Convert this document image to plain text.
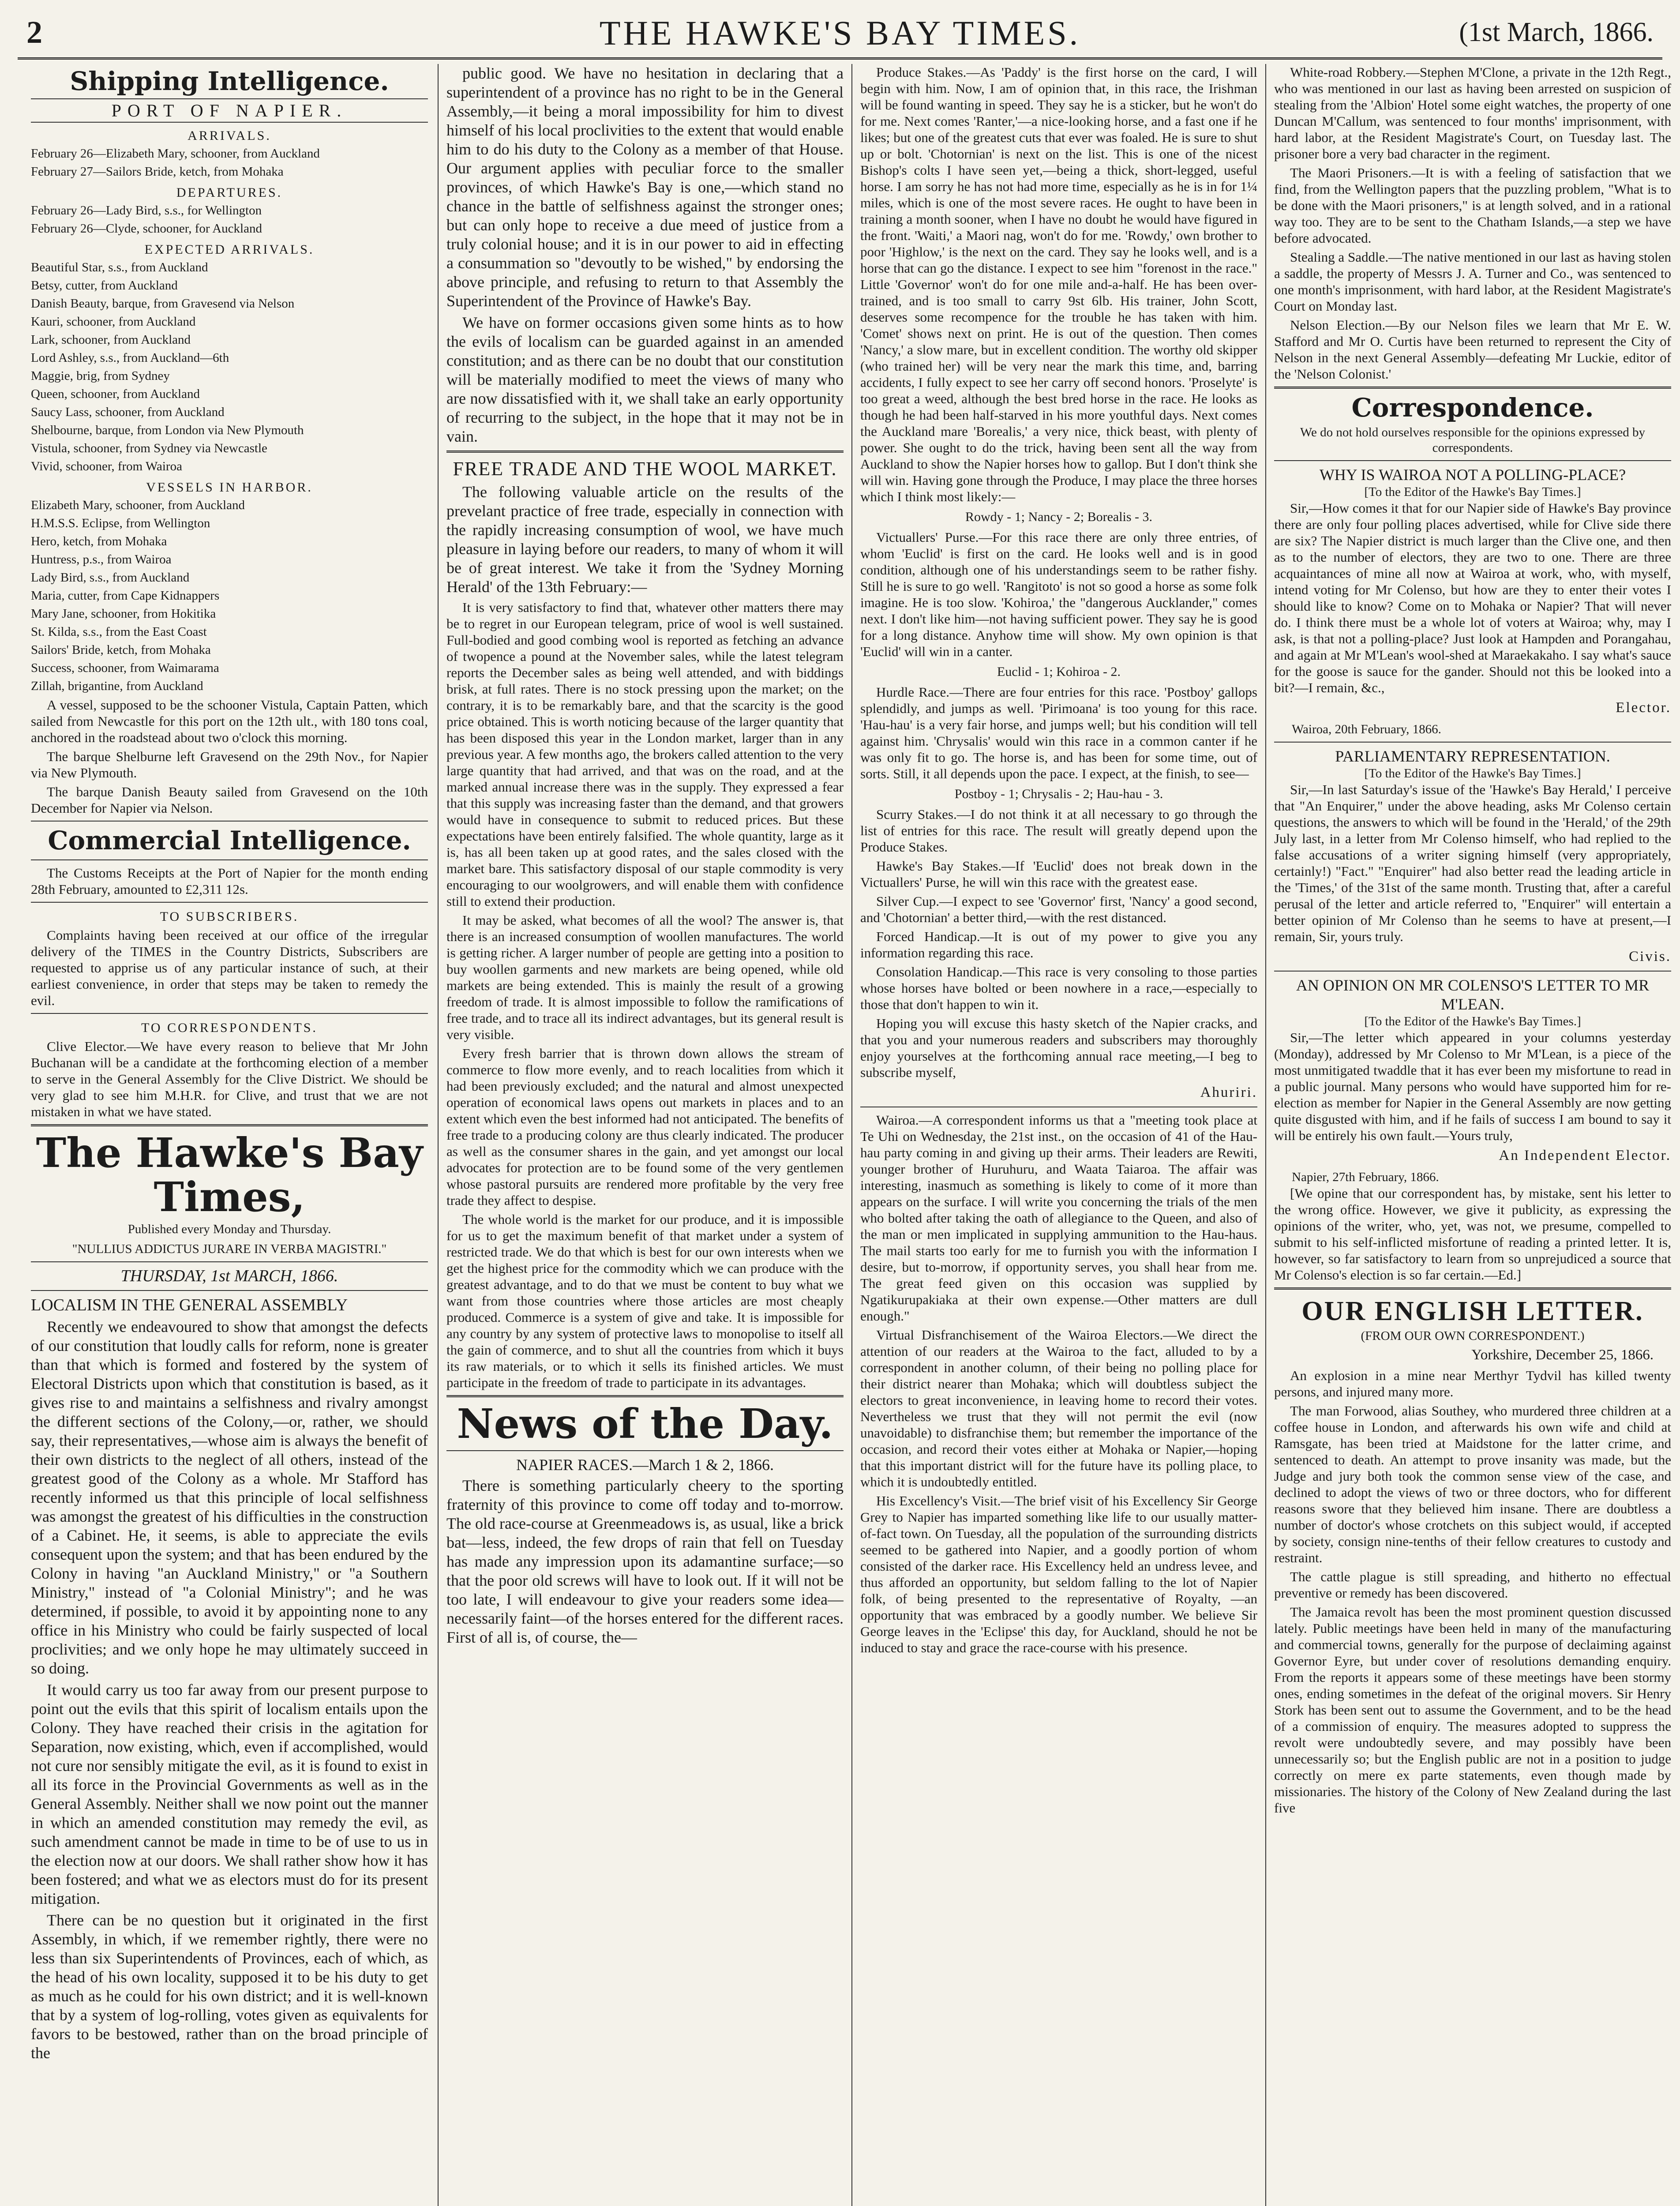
2	THE HAWKE'S BAY TIMES.	(1st March, 1866.
Shipping Intelligence.
PORT OF NAPIER.
ARRIVALS.

February 26—Elizabeth Mary, schooner, from Auckland

February 27—Sailors Bride, ketch, from Mohaka

DEPARTURES.

February 26—Lady Bird, s.s., for Wellington

February 26—Clyde, schooner, for Auckland

EXPECTED ARRIVALS.

Beautiful Star, s.s., from Auckland

Betsy, cutter, from Auckland

Danish Beauty, barque, from Gravesend via Nelson

Kauri, schooner, from Auckland

Lark, schooner, from Auckland

Lord Ashley, s.s., from Auckland—6th

Maggie, brig, from Sydney

Queen, schooner, from Auckland

Saucy Lass, schooner, from Auckland

Shelbourne, barque, from London via New Plymouth

Vistula, schooner, from Sydney via Newcastle

Vivid, schooner, from Wairoa

VESSELS IN HARBOR.

Elizabeth Mary, schooner, from Auckland

H.M.S.S. Eclipse, from Wellington

Hero, ketch, from Mohaka

Huntress, p.s., from Wairoa

Lady Bird, s.s., from Auckland

Maria, cutter, from Cape Kidnappers

Mary Jane, schooner, from Hokitika

St. Kilda, s.s., from the East Coast

Sailors' Bride, ketch, from Mohaka

Success, schooner, from Waimarama

Zillah, brigantine, from Auckland

A vessel, supposed to be the schooner Vistula, Captain Patten, which sailed from Newcastle for this port on the 12th ult., with 180 tons coal, anchored in the roadstead about two o'clock this morning.

The barque Shelburne left Gravesend on the 29th Nov., for Napier via New Plymouth.

The barque Danish Beauty sailed from Gravesend on the 10th December for Napier via Nelson.

Commercial Intelligence.

The Customs Receipts at the Port of Napier for the month ending 28th February, amounted to £2,311 12s.

TO SUBSCRIBERS.

Complaints having been received at our office of the irregular delivery of the TIMES in the Country Districts, Subscribers are requested to apprise us of any particular instance of such, at their earliest convenience, in order that steps may be taken to remedy the evil.

TO CORRESPONDENTS.

Clive Elector.—We have every reason to believe that Mr John Buchanan will be a candidate at the forthcoming election of a member to serve in the General Assembly for the Clive District. We should be very glad to see him M.H.R. for Clive, and trust that we are not mistaken in what we have stated.

The Hawke's Bay Times,
Published every Monday and Thursday.
"NULLIUS ADDICTUS JURARE IN VERBA MAGISTRI."
THURSDAY, 1st MARCH, 1866.
LOCALISM IN THE GENERAL ASSEMBLY

Recently we endeavoured to show that amongst the defects of our constitution that loudly calls for reform, none is greater than that which is formed and fostered by the system of Electoral Districts upon which that constitution is based, as it gives rise to and maintains a selfishness and rivalry amongst the different sections of the Colony,—or, rather, we should say, their representatives,—whose aim is always the benefit of their own districts to the neglect of all others, instead of the greatest good of the Colony as a whole. Mr Stafford has recently informed us that this principle of local selfishness was amongst the greatest of his difficulties in the construction of a Cabinet. He, it seems, is able to appreciate the evils consequent upon the system; and that has been endured by the Colony in having "an Auckland Ministry," or "a Southern Ministry," instead of "a Colonial Ministry"; and he was determined, if possible, to avoid it by appointing none to any office in his Ministry who could be fairly suspected of local proclivities; and we only hope he may ultimately succeed in so doing.

It would carry us too far away from our present purpose to point out the evils that this spirit of localism entails upon the Colony. They have reached their crisis in the agitation for Separation, now existing, which, even if accomplished, would not cure nor sensibly mitigate the evil, as it is found to exist in all its force in the Provincial Governments as well as in the General Assembly. Neither shall we now point out the manner in which an amended constitution may remedy the evil, as such amendment cannot be made in time to be of use to us in the election now at our doors. We shall rather show how it has been fostered; and what we as electors must do for its present mitigation.

There can be no question but it originated in the first Assembly, in which, if we remember rightly, there were no less than six Superintendents of Provinces, each of which, as the head of his own locality, supposed it to be his duty to get as much as he could for his own district; and it is well-known that by a system of log-rolling, votes given as equivalents for favors to be bestowed, rather than on the broad principle of the

public good. We have no hesitation in declaring that a superintendent of a province has no right to be in the General Assembly,—it being a moral impossibility for him to divest himself of his local proclivities to the extent that would enable him to do his duty to the Colony as a member of that House. Our argument applies with peculiar force to the smaller provinces, of which Hawke's Bay is one,—which stand no chance in the battle of selfishness against the stronger ones; but can only hope to receive a due meed of justice from a truly colonial house; and it is in our power to aid in effecting a consummation so "devoutly to be wished," by endorsing the above principle, and refusing to return to that Assembly the Superintendent of the Province of Hawke's Bay.

We have on former occasions given some hints as to how the evils of localism can be guarded against in an amended constitution; and as there can be no doubt that our constitution will be materially modified to meet the views of many who are now dissatisfied with it, we shall take an early opportunity of recurring to the subject, in the hope that it may not be in vain.

FREE TRADE AND THE WOOL MARKET.

The following valuable article on the results of the prevelant practice of free trade, especially in connection with the rapidly increasing consumption of wool, we have much pleasure in laying before our readers, to many of whom it will be of great interest. We take it from the 'Sydney Morning Herald' of the 13th February:—

It is very satisfactory to find that, whatever other matters there may be to regret in our European telegram, price of wool is well sustained. Full-bodied and good combing wool is reported as fetching an advance of twopence a pound at the November sales, while the latest telegram reports the December sales as being well attended, and with biddings brisk, at full rates. There is no stock pressing upon the market; on the contrary, it is to be remarkably bare, and that the scarcity is the good price obtained. This is worth noticing because of the larger quantity that has been disposed this year in the London market, larger than in any previous year. A few months ago, the brokers called attention to the very large quantity that had arrived, and that was on the road, and at the marked annual increase there was in the supply. They expressed a fear that this supply was increasing faster than the demand, and that growers would have in consequence to submit to reduced prices. But these expectations have been entirely falsified. The whole quantity, large as it is, has all been taken up at good rates, and the sales closed with the market bare. This satisfactory disposal of our staple commodity is very encouraging to our woolgrowers, and will enable them with confidence still to extend their production.

It may be asked, what becomes of all the wool? The answer is, that there is an increased consumption of woollen manufactures. The world is getting richer. A larger number of people are getting into a position to buy woollen garments and new markets are being opened, while old markets are being extended. This is mainly the result of a growing freedom of trade. It is almost impossible to follow the ramifications of free trade, and to trace all its indirect advantages, but its general result is very visible.

Every fresh barrier that is thrown down allows the stream of commerce to flow more evenly, and to reach localities from which it had been previously excluded; and the natural and almost unexpected operation of economical laws opens out markets in places and to an extent which even the best informed had not anticipated. The benefits of free trade to a producing colony are thus clearly indicated. The producer as well as the consumer shares in the gain, and yet amongst our local advocates for protection are to be found some of the very gentlemen whose pastoral pursuits are rendered more profitable by the very free trade they affect to despise.

The whole world is the market for our produce, and it is impossible for us to get the maximum benefit of that market under a system of restricted trade. We do that which is best for our own interests when we get the highest price for the commodity which we can produce with the greatest advantage, and to do that we must be content to buy what we want from those countries where those articles are most cheaply produced. Commerce is a system of give and take. It is impossible for any country by any system of protective laws to monopolise to itself all the gain of commerce, and to shut all the countries from which it buys its raw materials, or to which it sells its finished articles. We must participate in the freedom of trade to participate in its advantages.

News of the Day.
NAPIER RACES.—March 1 & 2, 1866.

There is something particularly cheery to the sporting fraternity of this province to come off today and to-morrow. The old race-course at Greenmeadows is, as usual, like a brick bat—less, indeed, the few drops of rain that fell on Tuesday has made any impression upon its adamantine surface;—so that the poor old screws will have to look out. If it will not be too late, I will endeavour to give your readers some idea—necessarily faint—of the horses entered for the different races. First of all is, of course, the—

Produce Stakes.—As 'Paddy' is the first horse on the card, I will begin with him. Now, I am of opinion that, in this race, the Irishman will be found wanting in speed. They say he is a sticker, but he won't do for me. Next comes 'Ranter,'—a nice-looking horse, and a fast one if he likes; but one of the greatest cuts that ever was foaled. He is sure to shut up or bolt. 'Chotornian' is next on the list. This is one of the nicest Bishop's colts I have seen yet,—being a thick, short-legged, useful horse. I am sorry he has not had more time, especially as he is in for 1¼ miles, which is one of the most severe races. He ought to have been in training a month sooner, when I have no doubt he would have figured in the front. 'Waiti,' a Maori nag, won't do for me. 'Rowdy,' own brother to poor 'Highlow,' is the next on the card. They say he looks well, and is a horse that can go the distance. I expect to see him "forenost in the race." Little 'Governor' won't do for one mile and-a-half. He has been over-trained, and is too small to carry 9st 6lb. His trainer, John Scott, deserves some recompence for the trouble he has taken with him. 'Comet' shows next on print. He is out of the question. Then comes 'Nancy,' a slow mare, but in excellent condition. The worthy old skipper (who trained her) will be very near the mark this time, and, barring accidents, I fully expect to see her carry off second honors. 'Proselyte' is too great a weed, although the best bred horse in the race. He looks as though he had been half-starved in his more youthful days. Next comes the Auckland mare 'Borealis,' a very nice, thick beast, with plenty of power. She ought to do the trick, having been sent all the way from Auckland to show the Napier horses how to gallop. But I don't think she will win. Having gone through the Produce, I may place the three horses which I think most likely:—

Rowdy - 1; Nancy - 2; Borealis - 3.

Victuallers' Purse.—For this race there are only three entries, of whom 'Euclid' is first on the card. He looks well and is in good condition, although one of his understandings seem to be rather fishy. Still he is sure to go well. 'Rangitoto' is not so good a horse as some folk imagine. He is too slow. 'Kohiroa,' the "dangerous Aucklander," comes next. I don't like him—not having sufficient power. They say he is good for a long distance. Anyhow time will show. My own opinion is that 'Euclid' will win in a canter.

Euclid - 1; Kohiroa - 2.

Hurdle Race.—There are four entries for this race. 'Postboy' gallops splendidly, and jumps as well. 'Pirimoana' is too young for this race. 'Hau-hau' is a very fair horse, and jumps well; but his condition will tell against him. 'Chrysalis' would win this race in a common canter if he was only fit to go. The horse is, and has been for some time, out of sorts. Still, it all depends upon the pace. I expect, at the finish, to see—

Postboy - 1; Chrysalis - 2; Hau-hau - 3.

Scurry Stakes.—I do not think it at all necessary to go through the list of entries for this race. The result will greatly depend upon the Produce Stakes.

Hawke's Bay Stakes.—If 'Euclid' does not break down in the Victuallers' Purse, he will win this race with the greatest ease.

Silver Cup.—I expect to see 'Governor' first, 'Nancy' a good second, and 'Chotornian' a better third,—with the rest distanced.

Forced Handicap.—It is out of my power to give you any information regarding this race.

Consolation Handicap.—This race is very consoling to those parties whose horses have bolted or been nowhere in a race,—especially to those that don't happen to win it.

Hoping you will excuse this hasty sketch of the Napier cracks, and that you and your numerous readers and subscribers may thoroughly enjoy yourselves at the forthcoming annual race meeting,—I beg to subscribe myself,

Ahuriri.

Wairoa.—A correspondent informs us that a "meeting took place at Te Uhi on Wednesday, the 21st inst., on the occasion of 41 of the Hau-hau party coming in and giving up their arms. Their leaders are Rewiti, younger brother of Huruhuru, and Waata Taiaroa. The affair was interesting, inasmuch as something is likely to come of it more than appears on the surface. I will write you concerning the trials of the men who bolted after taking the oath of allegiance to the Queen, and also of the man or men implicated in supplying ammunition to the Hau-haus. The mail starts too early for me to furnish you with the information I desire, but to-morrow, if opportunity serves, you shall hear from me. The great feed given on this occasion was supplied by Ngatikurupakiaka at their own expense.—Other matters are dull enough."

Virtual Disfranchisement of the Wairoa Electors.—We direct the attention of our readers at the Wairoa to the fact, alluded to by a correspondent in another column, of their being no polling place for their district nearer than Mohaka; which will doubtless subject the electors to great inconvenience, in leaving home to record their votes. Nevertheless we trust that they will not permit the evil (now unavoidable) to disfranchise them; but remember the importance of the occasion, and record their votes either at Mohaka or Napier,—hoping that this important district will for the future have its polling place, to which it is undoubtedly entitled.

His Excellency's Visit.—The brief visit of his Excellency Sir George Grey to Napier has imparted something like life to our usually matter-of-fact town. On Tuesday, all the population of the surrounding districts seemed to be gathered into Napier, and a goodly portion of whom consisted of the darker race. His Excellency held an undress levee, and thus afforded an opportunity, but seldom falling to the lot of Napier folk, of being presented to the representative of Royalty, —an opportunity that was embraced by a goodly number. We believe Sir George leaves in the 'Eclipse' this day, for Auckland, should he not be induced to stay and grace the race-course with his presence.

White-road Robbery.—Stephen M'Clone, a private in the 12th Regt., who was mentioned in our last as having been arrested on suspicion of stealing from the 'Albion' Hotel some eight watches, the property of one Duncan M'Callum, was sentenced to four months' imprisonment, with hard labor, at the Resident Magistrate's Court, on Tuesday last. The prisoner bore a very bad character in the regiment.

The Maori Prisoners.—It is with a feeling of satisfaction that we find, from the Wellington papers that the puzzling problem, "What is to be done with the Maori prisoners," is at length solved, and in a rational way too. They are to be sent to the Chatham Islands,—a step we have before advocated.

Stealing a Saddle.—The native mentioned in our last as having stolen a saddle, the property of Messrs J. A. Turner and Co., was sentenced to one month's imprisonment, with hard labor, at the Resident Magistrate's Court on Monday last.

Nelson Election.—By our Nelson files we learn that Mr E. W. Stafford and Mr O. Curtis have been returned to represent the City of Nelson in the next General Assembly—defeating Mr Luckie, editor of the 'Nelson Colonist.'

Correspondence.

We do not hold ourselves responsible for the opinions expressed by correspondents.

WHY IS WAIROA NOT A POLLING-PLACE?
[To the Editor of the Hawke's Bay Times.]

Sir,—How comes it that for our Napier side of Hawke's Bay province there are only four polling places advertised, while for Clive side there are six? The Napier district is much larger than the Clive one, and then as to the number of electors, they are two to one. There are three acquaintances of mine all now at Wairoa at work, who, with myself, intend voting for Mr Colenso, but how are they to enter their votes I should like to know? Come on to Mohaka or Napier? That will never do. I think there must be a whole lot of voters at Wairoa; why, may I ask, is that not a polling-place? Just look at Hampden and Porangahau, and again at Mr M'Lean's wool-shed at Maraekakaho. I say what's sauce for the goose is sauce for the gander. Should not this be looked into a bit?—I remain, &c.,

Elector.
Wairoa, 20th February, 1866.
PARLIAMENTARY REPRESENTATION.
[To the Editor of the Hawke's Bay Times.]

Sir,—In last Saturday's issue of the 'Hawke's Bay Herald,' I perceive that "An Enquirer," under the above heading, asks Mr Colenso certain questions, the answers to which will be found in the 'Herald,' of the 29th July last, in a letter from Mr Colenso himself, who had replied to the false accusations of a writer signing himself (very appropriately, certainly!) "Fact." "Enquirer" had also better read the leading article in the 'Times,' of the 31st of the same month. Trusting that, after a careful perusal of the letter and article referred to, "Enquirer" will entertain a better opinion of Mr Colenso than he seems to have at present,—I remain, Sir, yours truly.

Civis.
AN OPINION ON MR COLENSO'S LETTER TO MR M'LEAN.
[To the Editor of the Hawke's Bay Times.]

Sir,—The letter which appeared in your columns yesterday (Monday), addressed by Mr Colenso to Mr M'Lean, is a piece of the most unmitigated twaddle that it has ever been my misfortune to read in a public journal. Many persons who would have supported him for re-election as member for Napier in the General Assembly are now getting quite disgusted with him, and if he fails of success I am bound to say it will be entirely his own fault.—Yours truly,

An Independent Elector.
Napier, 27th February, 1866.

[We opine that our correspondent has, by mistake, sent his letter to the wrong office. However, we give it publicity, as expressing the opinions of the writer, who, yet, was not, we presume, compelled to submit to his self-inflicted misfortune of reading a printed letter. It is, however, so far satisfactory to learn from so unprejudiced a source that Mr Colenso's election is so far certain.—Ed.]

OUR ENGLISH LETTER.
(FROM OUR OWN CORRESPONDENT.)
Yorkshire, December 25, 1866.

An explosion in a mine near Merthyr Tydvil has killed twenty persons, and injured many more.

The man Forwood, alias Southey, who murdered three children at a coffee house in London, and afterwards his own wife and child at Ramsgate, has been tried at Maidstone for the latter crime, and sentenced to death. An attempt to prove insanity was made, but the Judge and jury both took the common sense view of the case, and declined to adopt the views of two or three doctors, who for different reasons swore that they believed him insane. There are doubtless a number of doctor's whose crotchets on this subject would, if accepted by society, consign nine-tenths of their fellow creatures to custody and restraint.

The cattle plague is still spreading, and hitherto no effectual preventive or remedy has been discovered.

The Jamaica revolt has been the most prominent question discussed lately. Public meetings have been held in many of the manufacturing and commercial towns, generally for the purpose of declaiming against Governor Eyre, but under cover of resolutions demanding enquiry. From the reports it appears some of these meetings have been stormy ones, ending sometimes in the defeat of the original movers. Sir Henry Stork has been sent out to assume the Government, and to be the head of a commission of enquiry. The measures adopted to suppress the revolt were undoubtedly severe, and may possibly have been unnecessarily so; but the English public are not in a position to judge correctly on mere ex parte statements, even though made by missionaries. The history of the Colony of New Zealand during the last five
